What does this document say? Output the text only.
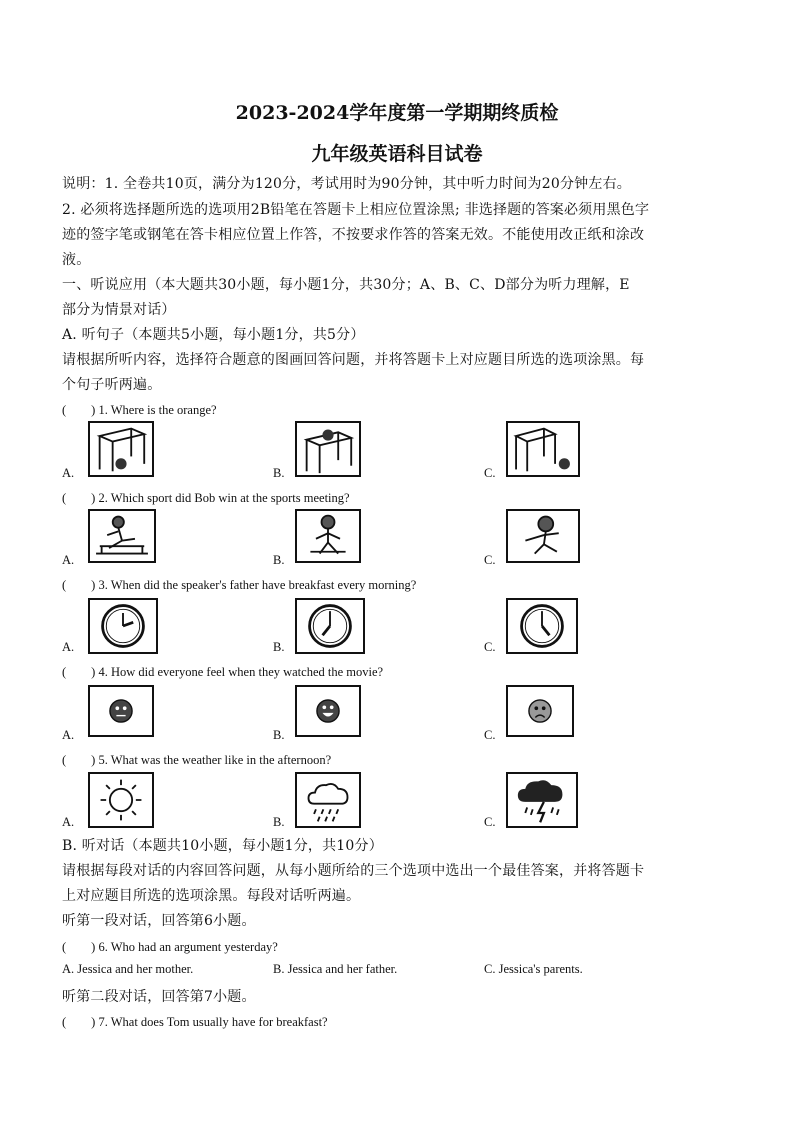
2023-2024学年度第一学期期终质检
九年级英语科目试卷
说明：1. 全卷共10页，满分为120分，考试用时为90分钟，其中听力时间为20分钟左右。
2. 必须将选择题所选的选项用2B铅笔在答题卡上相应位置涂黑; 非选择题的答案必须用黑色字
迹的签字笔或钢笔在答卡相应位置上作答，不按要求作答的答案无效。不能使用改正纸和涂改
液。
一、听说应用（本大题共30小题，每小题1分，共30分；A、B、C、D部分为听力理解，E
部分为情景对话）
A. 听句子（本题共5小题，每小题1分，共5分）
请根据所听内容，选择符合题意的图画回答问题，并将答题卡上对应题目所选的选项涂黑。每
个句子听两遍。
(　　) 1. Where is the orange?
A.	B.	C.
(　　) 2. Which sport did Bob win at the sports meeting?
A.	B.	C.
(　　) 3. When did the speaker's father have breakfast every morning?
A.	B.	C.
(　　) 4. How did everyone feel when they watched the movie?
A.	B.	C.
(　　) 5. What was the weather like in the afternoon?
A.	B.	C.
B. 听对话（本题共10小题，每小题1分，共10分）
请根据每段对话的内容回答问题，从每小题所给的三个选项中选出一个最佳答案，并将答题卡
上对应题目所选的选项涂黑。每段对话听两遍。
听第一段对话，回答第6小题。
(　　) 6. Who had an argument yesterday?
A. Jessica and her mother.	B. Jessica and her father.	C. Jessica's parents.
听第二段对话，回答第7小题。
(　　) 7. What does Tom usually have for breakfast?
